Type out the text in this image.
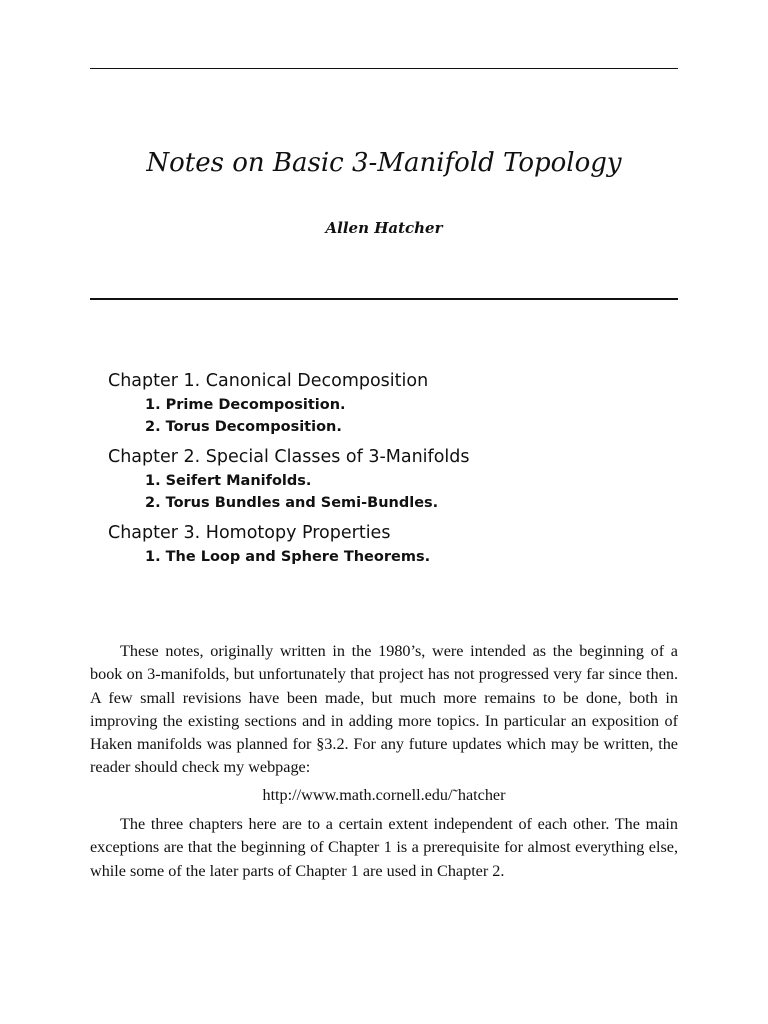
Notes on Basic 3-Manifold Topology
Allen Hatcher
Chapter 1. Canonical Decomposition
1. Prime Decomposition.
2. Torus Decomposition.
Chapter 2. Special Classes of 3-Manifolds
1. Seifert Manifolds.
2. Torus Bundles and Semi-Bundles.
Chapter 3. Homotopy Properties
1. The Loop and Sphere Theorems.

These notes, originally written in the 1980’s, were intended as the beginning of a book on 3-manifolds, but unfortunately that project has not progressed very far since then. A few small revisions have been made, but much more remains to be done, both in improving the existing sections and in adding more topics. In particular an exposition of Haken manifolds was planned for §3.2. For any future updates which may be written, the reader should check my webpage:

http://www.math.cornell.edu/˜hatcher

The three chapters here are to a certain extent independent of each other. The main exceptions are that the beginning of Chapter 1 is a prerequisite for almost everything else, while some of the later parts of Chapter 1 are used in Chapter 2.
